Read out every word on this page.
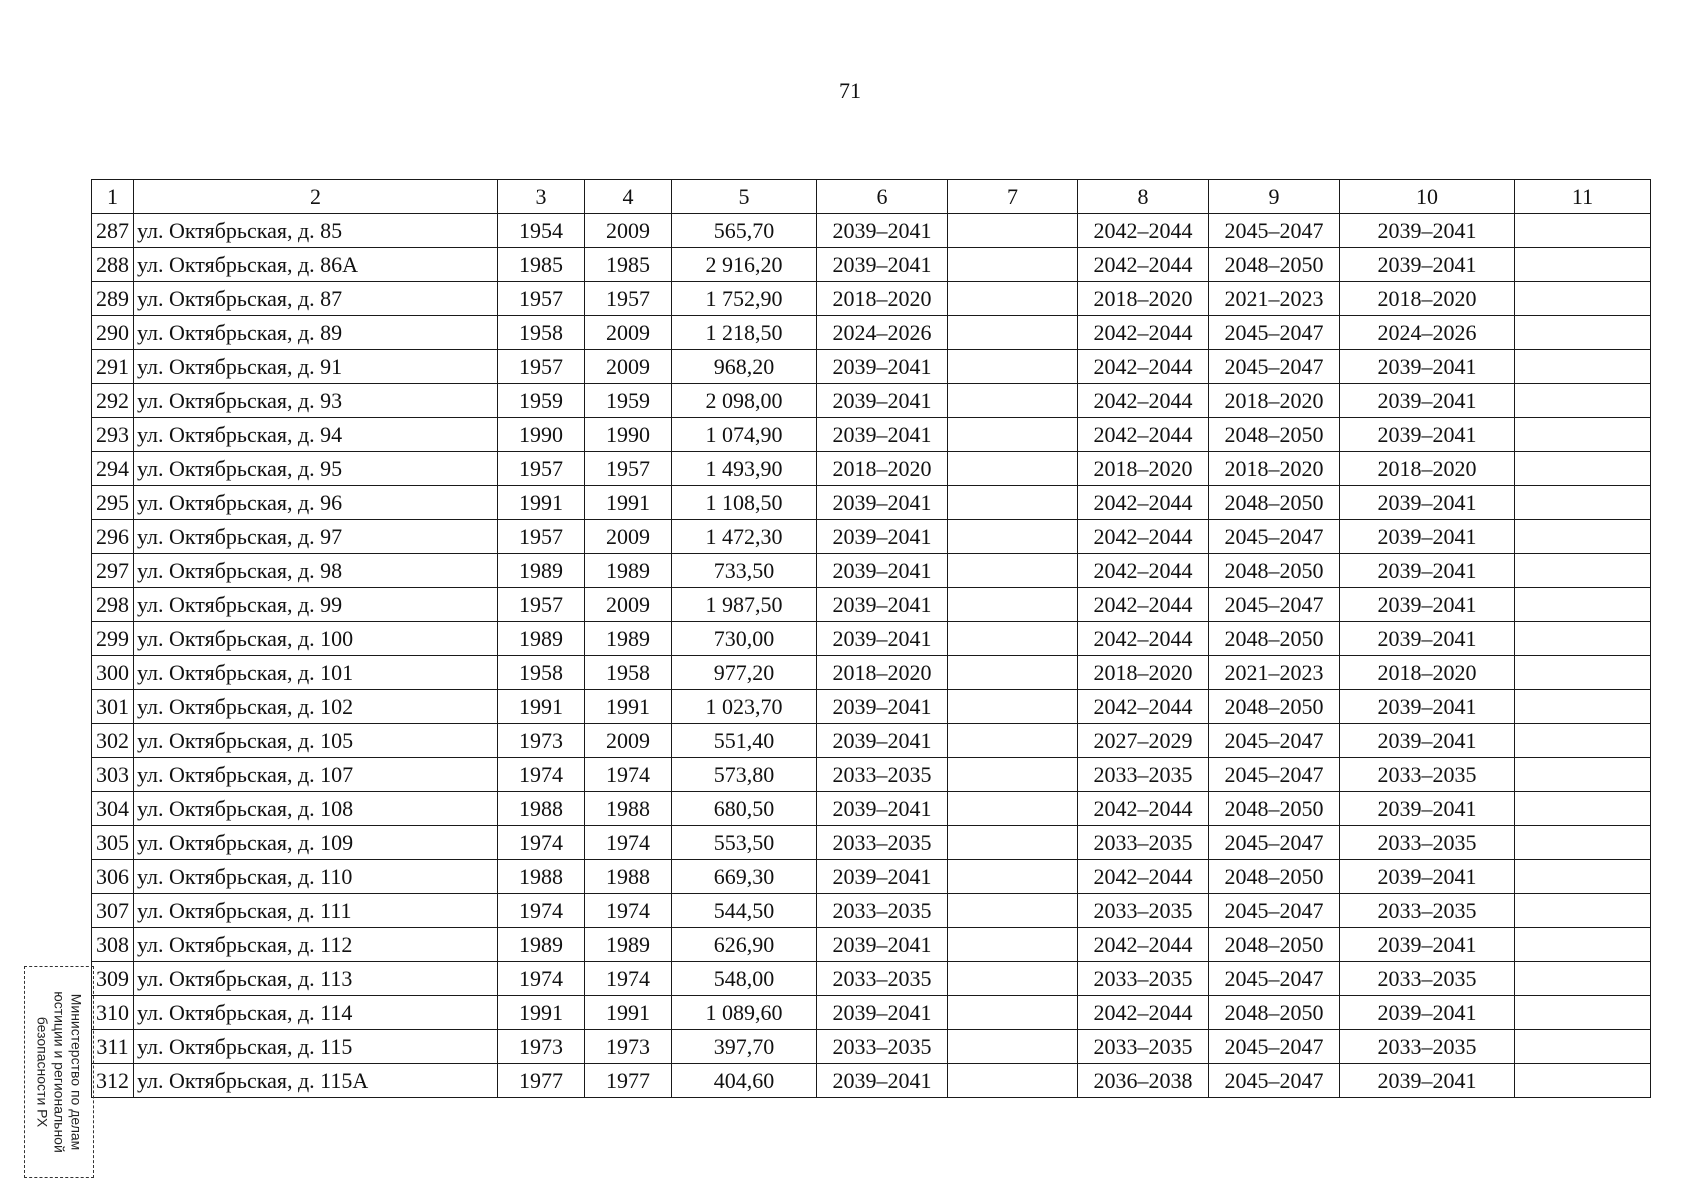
71
1	2	3	4	5	6	7	8	9	10	11
287	ул. Октябрьская, д. 85	1954	2009	565,70	2039–2041		2042–2044	2045–2047	2039–2041	
288	ул. Октябрьская, д. 86А	1985	1985	2 916,20	2039–2041		2042–2044	2048–2050	2039–2041	
289	ул. Октябрьская, д. 87	1957	1957	1 752,90	2018–2020		2018–2020	2021–2023	2018–2020	
290	ул. Октябрьская, д. 89	1958	2009	1 218,50	2024–2026		2042–2044	2045–2047	2024–2026	
291	ул. Октябрьская, д. 91	1957	2009	968,20	2039–2041		2042–2044	2045–2047	2039–2041	
292	ул. Октябрьская, д. 93	1959	1959	2 098,00	2039–2041		2042–2044	2018–2020	2039–2041	
293	ул. Октябрьская, д. 94	1990	1990	1 074,90	2039–2041		2042–2044	2048–2050	2039–2041	
294	ул. Октябрьская, д. 95	1957	1957	1 493,90	2018–2020		2018–2020	2018–2020	2018–2020	
295	ул. Октябрьская, д. 96	1991	1991	1 108,50	2039–2041		2042–2044	2048–2050	2039–2041	
296	ул. Октябрьская, д. 97	1957	2009	1 472,30	2039–2041		2042–2044	2045–2047	2039–2041	
297	ул. Октябрьская, д. 98	1989	1989	733,50	2039–2041		2042–2044	2048–2050	2039–2041	
298	ул. Октябрьская, д. 99	1957	2009	1 987,50	2039–2041		2042–2044	2045–2047	2039–2041	
299	ул. Октябрьская, д. 100	1989	1989	730,00	2039–2041		2042–2044	2048–2050	2039–2041	
300	ул. Октябрьская, д. 101	1958	1958	977,20	2018–2020		2018–2020	2021–2023	2018–2020	
301	ул. Октябрьская, д. 102	1991	1991	1 023,70	2039–2041		2042–2044	2048–2050	2039–2041	
302	ул. Октябрьская, д. 105	1973	2009	551,40	2039–2041		2027–2029	2045–2047	2039–2041	
303	ул. Октябрьская, д. 107	1974	1974	573,80	2033–2035		2033–2035	2045–2047	2033–2035	
304	ул. Октябрьская, д. 108	1988	1988	680,50	2039–2041		2042–2044	2048–2050	2039–2041	
305	ул. Октябрьская, д. 109	1974	1974	553,50	2033–2035		2033–2035	2045–2047	2033–2035	
306	ул. Октябрьская, д. 110	1988	1988	669,30	2039–2041		2042–2044	2048–2050	2039–2041	
307	ул. Октябрьская, д. 111	1974	1974	544,50	2033–2035		2033–2035	2045–2047	2033–2035	
308	ул. Октябрьская, д. 112	1989	1989	626,90	2039–2041		2042–2044	2048–2050	2039–2041	
309	ул. Октябрьская, д. 113	1974	1974	548,00	2033–2035		2033–2035	2045–2047	2033–2035	
310	ул. Октябрьская, д. 114	1991	1991	1 089,60	2039–2041		2042–2044	2048–2050	2039–2041	
311	ул. Октябрьская, д. 115	1973	1973	397,70	2033–2035		2033–2035	2045–2047	2033–2035	
312	ул. Октябрьская, д. 115А	1977	1977	404,60	2039–2041		2036–2038	2045–2047	2039–2041	
Министерство по делам
юстиции и региональной
безопасности РХ
